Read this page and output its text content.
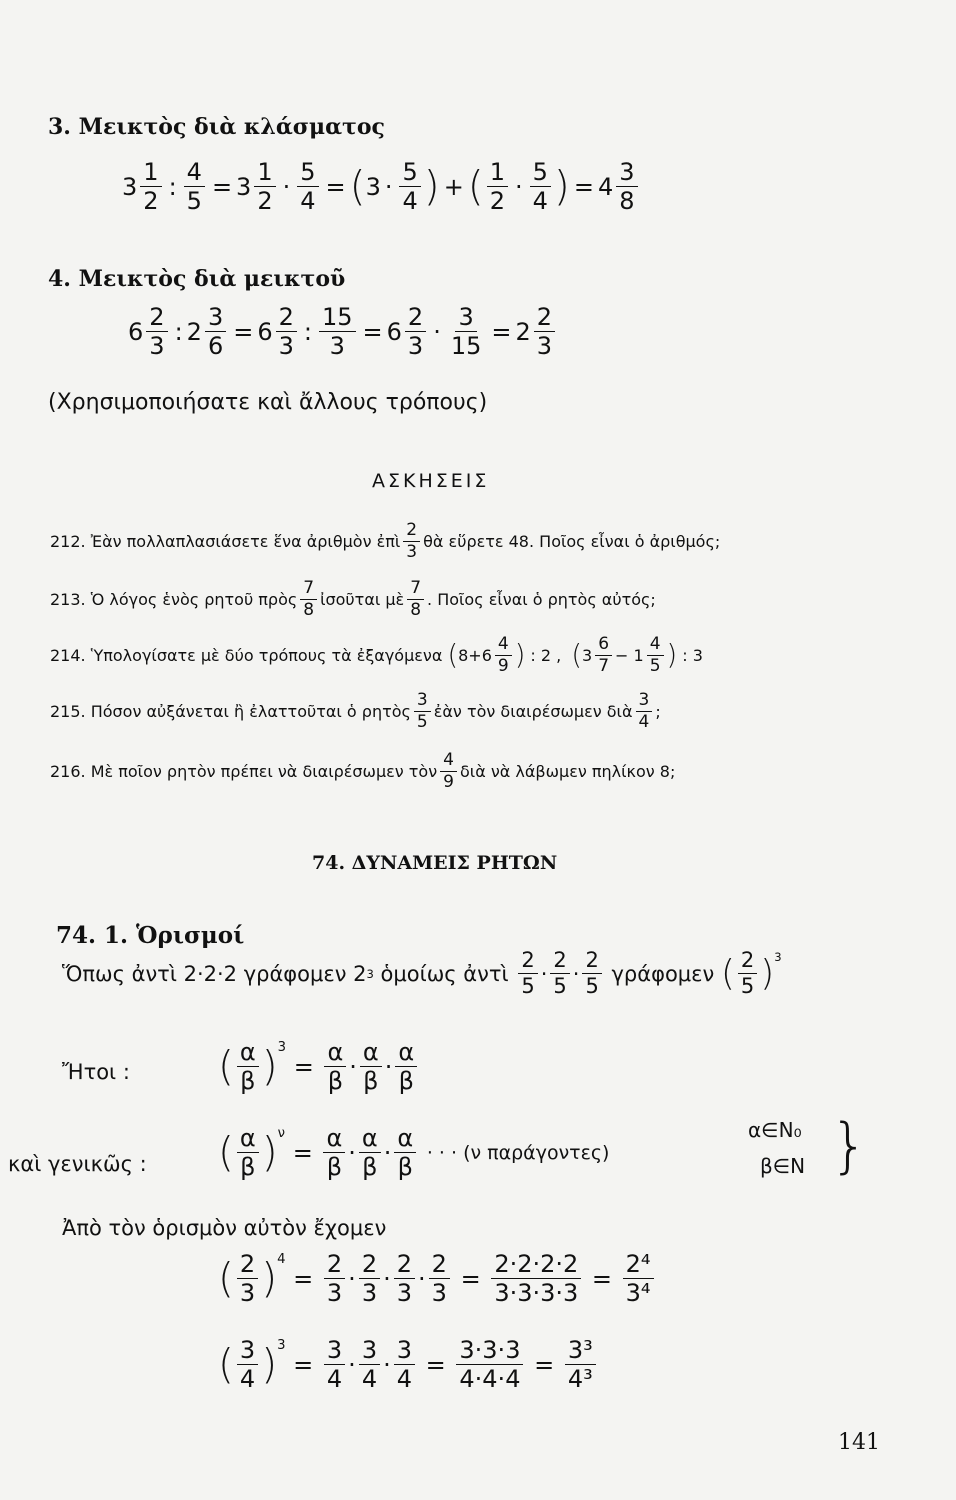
3. Μεικτὸς διὰ κλάσματος
$3 \frac{1}{2}$ : $\frac{4}{5} = 3 \frac{1}{2} \cdot \frac{5}{4}$ = ( $3 \cdot \frac{5}{4}$ ) + ( $\frac{1}{2} \cdot \frac{5}{4}$ ) = $4 \frac{3}{8}$
4. Μεικτὸς διὰ μεικτοῦ
$6 \frac{2}{3}$ : $2 \frac{3}{6} = 6 \frac{2}{3}$ : $\frac{15}{3} = 6 \frac{2}{3} \cdot \frac{3}{15} = 2 \frac{2}{3}$
(Χρησιμοποιήσατε καὶ ἄλλους τρόπους)
ΑΣΚΗΣΕΙΣ
212.
Ἐὰν πολλαπλασιάσετε ἕνα ἀριθμὸν ἐπὶ $\frac{2}{3}$ θὰ εὕρετε 48. Ποῖος εἶναι ὁ ἀριθμός;
213.
Ὁ λόγος ἑνὸς ρητοῦ πρὸς $\frac{7}{8}$ ἰσοῦται μὲ $\frac{7}{8}$ . Ποῖος εἶναι ὁ ρητὸς αὐτός;
214.
Ὑπολογίσατε μὲ δύο τρόπους τὰ ἐξαγόμενα
( $8+6 \frac{4}{9}$ )
: 2 ,
( $3 \frac{6}{7} - 1 \frac{4}{5}$ )
: 3
215.
Πόσον αὐξάνεται ἢ ἐλαττοῦται ὁ ρητὸς $\frac{3}{5}$ ἐὰν τὸν διαιρέσωμεν διὰ $\frac{3}{4}$ ;
216.
Μὲ ποῖον ρητὸν πρέπει νὰ διαιρέσωμεν τὸν $\frac{4}{9}$ διὰ νὰ λάβωμεν πηλίκον 8;
74. ΔΥΝΑΜΕΙΣ ΡΗΤΩΝ
74. 1. Ὁρισμοί
Ὅπως ἀντὶ 2·2·2 γράφομεν 2 3
ὁμοίως ἀντὶ
$\frac{2}{5} \cdot \frac{2}{5} \cdot \frac{2}{5}$
γράφομεν
( $\frac{2}{5} )^3$
Ἤτοι : ( $\frac{\alpha}{\beta} )^3$

=
$\frac{\alpha}{\beta} \cdot \frac{\alpha}{\beta} \cdot \frac{\alpha}{\beta}$
καὶ γενικῶς : ( $\frac{\alpha}{\beta} )^\nu$

=
$\frac{\alpha}{\beta} \cdot \frac{\alpha}{\beta} \cdot \frac{\alpha}{\beta}$
· · · (ν παράγοντες)
α∈N₀
β∈N }
Ἀπὸ τὸν ὁρισμὸν αὐτὸν ἔχομεν
( $\frac{2}{3} )^4$
= $\frac{2}{3} \cdot \frac{2}{3} \cdot \frac{2}{3} \cdot \frac{2}{3} = \frac{2\cdot 2\cdot 2\cdot 2}{3\cdot 3\cdot 3\cdot 3} = \frac{\text{2⁴}}{\text{3⁴}}$
( $\frac{3}{4} )^3$
= $\frac{3}{4} \cdot \frac{3}{4} \cdot \frac{3}{4} = \frac{3\cdot 3\cdot 3}{4\cdot 4\cdot 4} = \frac{\text{3³}}{\text{4³}}$
141
